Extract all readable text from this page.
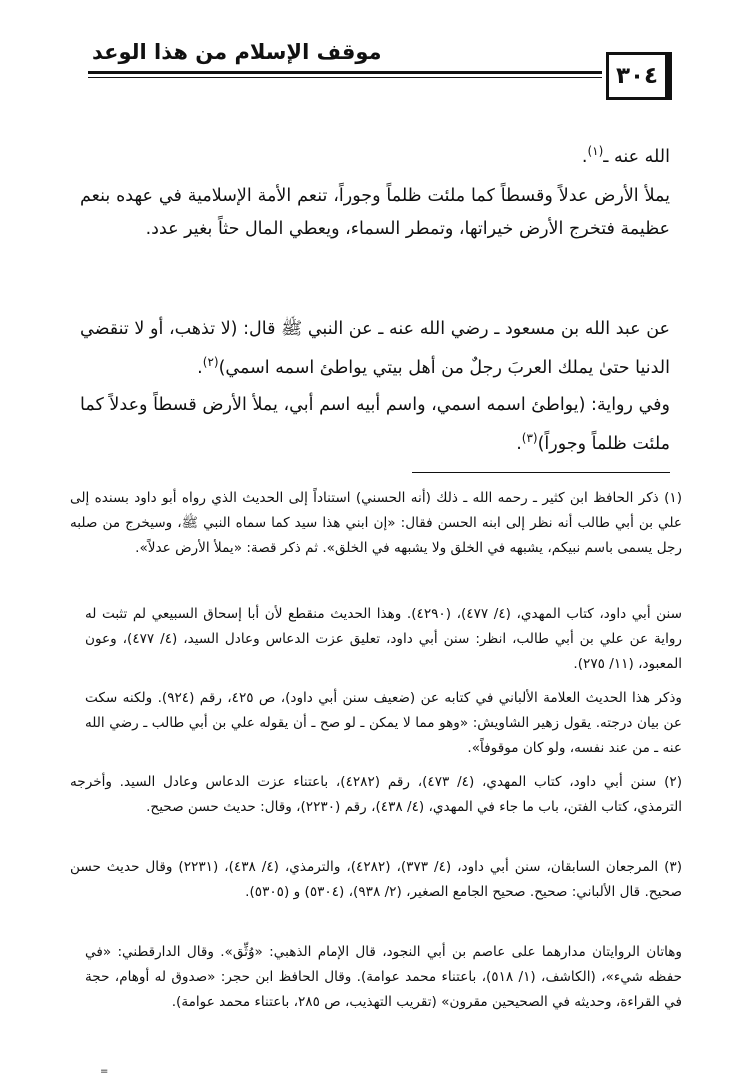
موقف الإسلام من هذا الوعد
٣٠٤

الله عنه ـ$^{(١)}$.

يملأ الأرض عدلاً وقسطاً كما ملئت ظلماً وجوراً، تنعم الأمة الإسلامية في عهده بنعم عظيمة فتخرج الأرض خيراتها، وتمطر السماء، ويعطي المال حثاً بغير عدد.

عن عبد الله بن مسعود ـ رضي الله عنه ـ عن النبي ﷺ قال: (لا تذهب، أو لا تنقضي الدنيا حتىٰ يملك العربَ رجلٌ من أهل بيتي يواطئ اسمه اسمي)$^{(٢)}$.

وفي رواية: (يواطئ اسمه اسمي، واسم أبيه اسم أبي، يملأ الأرض قسطاً وعدلاً كما ملئت ظلماً وجوراً)$^{(٣)}$.

(١) ذكر الحافظ ابن كثير ـ رحمه الله ـ ذلك (أنه الحسني) استناداً إلى الحديث الذي رواه أبو داود بسنده إلى علي بن أبي طالب أنه نظر إلى ابنه الحسن فقال: «إن ابني هذا سيد كما سماه النبي ﷺ، وسيخرج من صلبه رجل يسمى باسم نبيكم، يشبهه في الخلق ولا يشبهه في الخلق». ثم ذكر قصة: «يملأ الأرض عدلاً».

سنن أبي داود، كتاب المهدي، (٤/ ٤٧٧)، (٤٢٩٠). وهذا الحديث منقطع لأن أبا إسحاق السبيعي لم تثبت له رواية عن علي بن أبي طالب، انظر: سنن أبي داود، تعليق عزت الدعاس وعادل السيد، (٤/ ٤٧٧)، وعون المعبود، (١١/ ٢٧٥).

وذكر هذا الحديث العلامة الألباني في كتابه عن (ضعيف سنن أبي داود)، ص ٤٢٥، رقم (٩٢٤). ولكنه سكت عن بيان درجته. يقول زهير الشاويش: «وهو مما لا يمكن ـ لو صح ـ أن يقوله علي بن أبي طالب ـ رضي الله عنه ـ من عند نفسه، ولو كان موقوفاً».

(٢) سنن أبي داود، كتاب المهدي، (٤/ ٤٧٣)، رقم (٤٢٨٢)، باعتناء عزت الدعاس وعادل السيد. وأخرجه الترمذي، كتاب الفتن، باب ما جاء في المهدي، (٤/ ٤٣٨)، رقم (٢٢٣٠)، وقال: حديث حسن صحيح.

(٣) المرجعان السابقان، سنن أبي داود، (٤/ ٣٧٣)، (٤٢٨٢)، والترمذي، (٤/ ٤٣٨)، (٢٢٣١) وقال حديث حسن صحيح. قال الألباني: صحيح. صحيح الجامع الصغير، (٢/ ٩٣٨)، (٥٣٠٤) و (٥٣٠٥).

وهاتان الروايتان مدارهما على عاصم بن أبي النجود، قال الإمام الذهبي: «وُثِّق». وقال الدارقطني: «في حفظه شيء»، (الكاشف، (١/ ٥١٨)، باعتناء محمد عوامة). وقال الحافظ ابن حجر: «صدوق له أوهام، حجة في القراءة، وحديثه في الصحيحين مقرون» (تقريب التهذيب، ص ٢٨٥، باعتناء محمد عوامة).

=
